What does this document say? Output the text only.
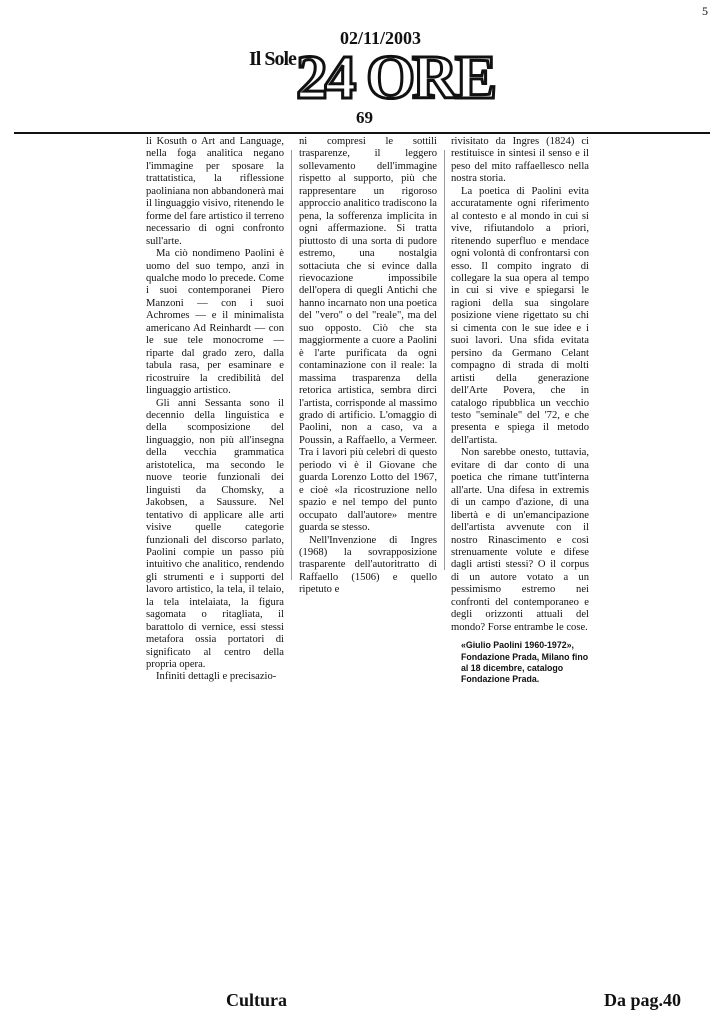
5
02/11/2003
Il Sole 24 ORE
69

li Kosuth o Art and Language, nella foga analitica negano l'immagine per sposare la trattatistica, la riflessione paoliniana non abbandonerà mai il linguaggio visivo, ritenendo le forme del fare artistico il terreno necessario di ogni confronto sull'arte.

Ma ciò nondimeno Paolini è uomo del suo tempo, anzi in qualche modo lo precede. Come i suoi contemporanei Piero Manzoni — con i suoi Achromes — e il minimalista americano Ad Reinhardt — con le sue tele monocrome — riparte dal grado zero, dalla tabula rasa, per esaminare e ricostruire la credibilità del linguaggio artistico.

Gli anni Sessanta sono il decennio della linguistica e della scomposizione del linguaggio, non più all'insegna della vecchia grammatica aristotelica, ma secondo le nuove teorie funzionali dei linguisti da Chomsky, a Jakobsen, a Saussure. Nel tentativo di applicare alle arti visive quelle categorie funzionali del discorso parlato, Paolini compie un passo più intuitivo che analitico, rendendo gli strumenti e i supporti del lavoro artistico, la tela, il telaio, la tela intelaiata, la figura sagomata o ritagliata, il barattolo di vernice, essi stessi metafora ossia portatori di significato al centro della propria opera.

Infiniti dettagli e precisazio-

ni compresi le sottili trasparenze, il leggero sollevamento dell'immagine rispetto al supporto, più che rappresentare un rigoroso approccio analitico tradiscono la pena, la sofferenza implicita in ogni affermazione. Si tratta piuttosto di una sorta di pudore estremo, una nostalgia sottaciuta che si evince dalla rievocazione impossibile dell'opera di quegli Antichi che hanno incarnato non una poetica del "vero" o del "reale", ma del suo opposto. Ciò che sta maggiormente a cuore a Paolini è l'arte purificata da ogni contaminazione con il reale: la massima trasparenza della retorica artistica, sembra dirci l'artista, corrisponde al massimo grado di artificio. L'omaggio di Paolini, non a caso, va a Poussin, a Raffaello, a Vermeer. Tra i lavori più celebri di questo periodo vi è il Giovane che guarda Lorenzo Lotto del 1967, e cioè «la ricostruzione nello spazio e nel tempo del punto occupato dall'autore» mentre guarda se stesso.

Nell'Invenzione di Ingres (1968) la sovrapposizione trasparente dell'autoritratto di Raffaello (1506) e quello ripetuto e

rivisitato da Ingres (1824) ci restituisce in sintesi il senso e il peso del mito raffaellesco nella nostra storia.

La poetica di Paolini evita accuratamente ogni riferimento al contesto e al mondo in cui si vive, rifiutandolo a priori, ritenendo superfluo e mendace ogni volontà di confrontarsi con esso. Il compito ingrato di collegare la sua opera al tempo in cui si vive e spiegarsi le ragioni della sua singolare posizione viene rigettato su chi si cimenta con le sue idee e i suoi lavori. Una sfida evitata persino da Germano Celant compagno di strada di molti artisti della generazione dell'Arte Povera, che in catalogo ripubblica un vecchio testo "seminale" del '72, e che presenta e spiega il metodo dell'artista.

Non sarebbe onesto, tuttavia, evitare di dar conto di una poetica che rimane tutt'interna all'arte. Una difesa in extremis di un campo d'azione, di una libertà e di un'emancipazione dell'artista avvenute con il nostro Rinascimento e così strenuamente volute e difese dagli artisti stessi? O il corpus di un autore votato a un pessimismo estremo nei confronti del contemporaneo e degli orizzonti attuali del mondo? Forse entrambe le cose.

«Giulio Paolini 1960-1972», Fondazione Prada, Milano fino al 18 dicembre, catalogo Fondazione Prada.
Cultura	Da pag.40
